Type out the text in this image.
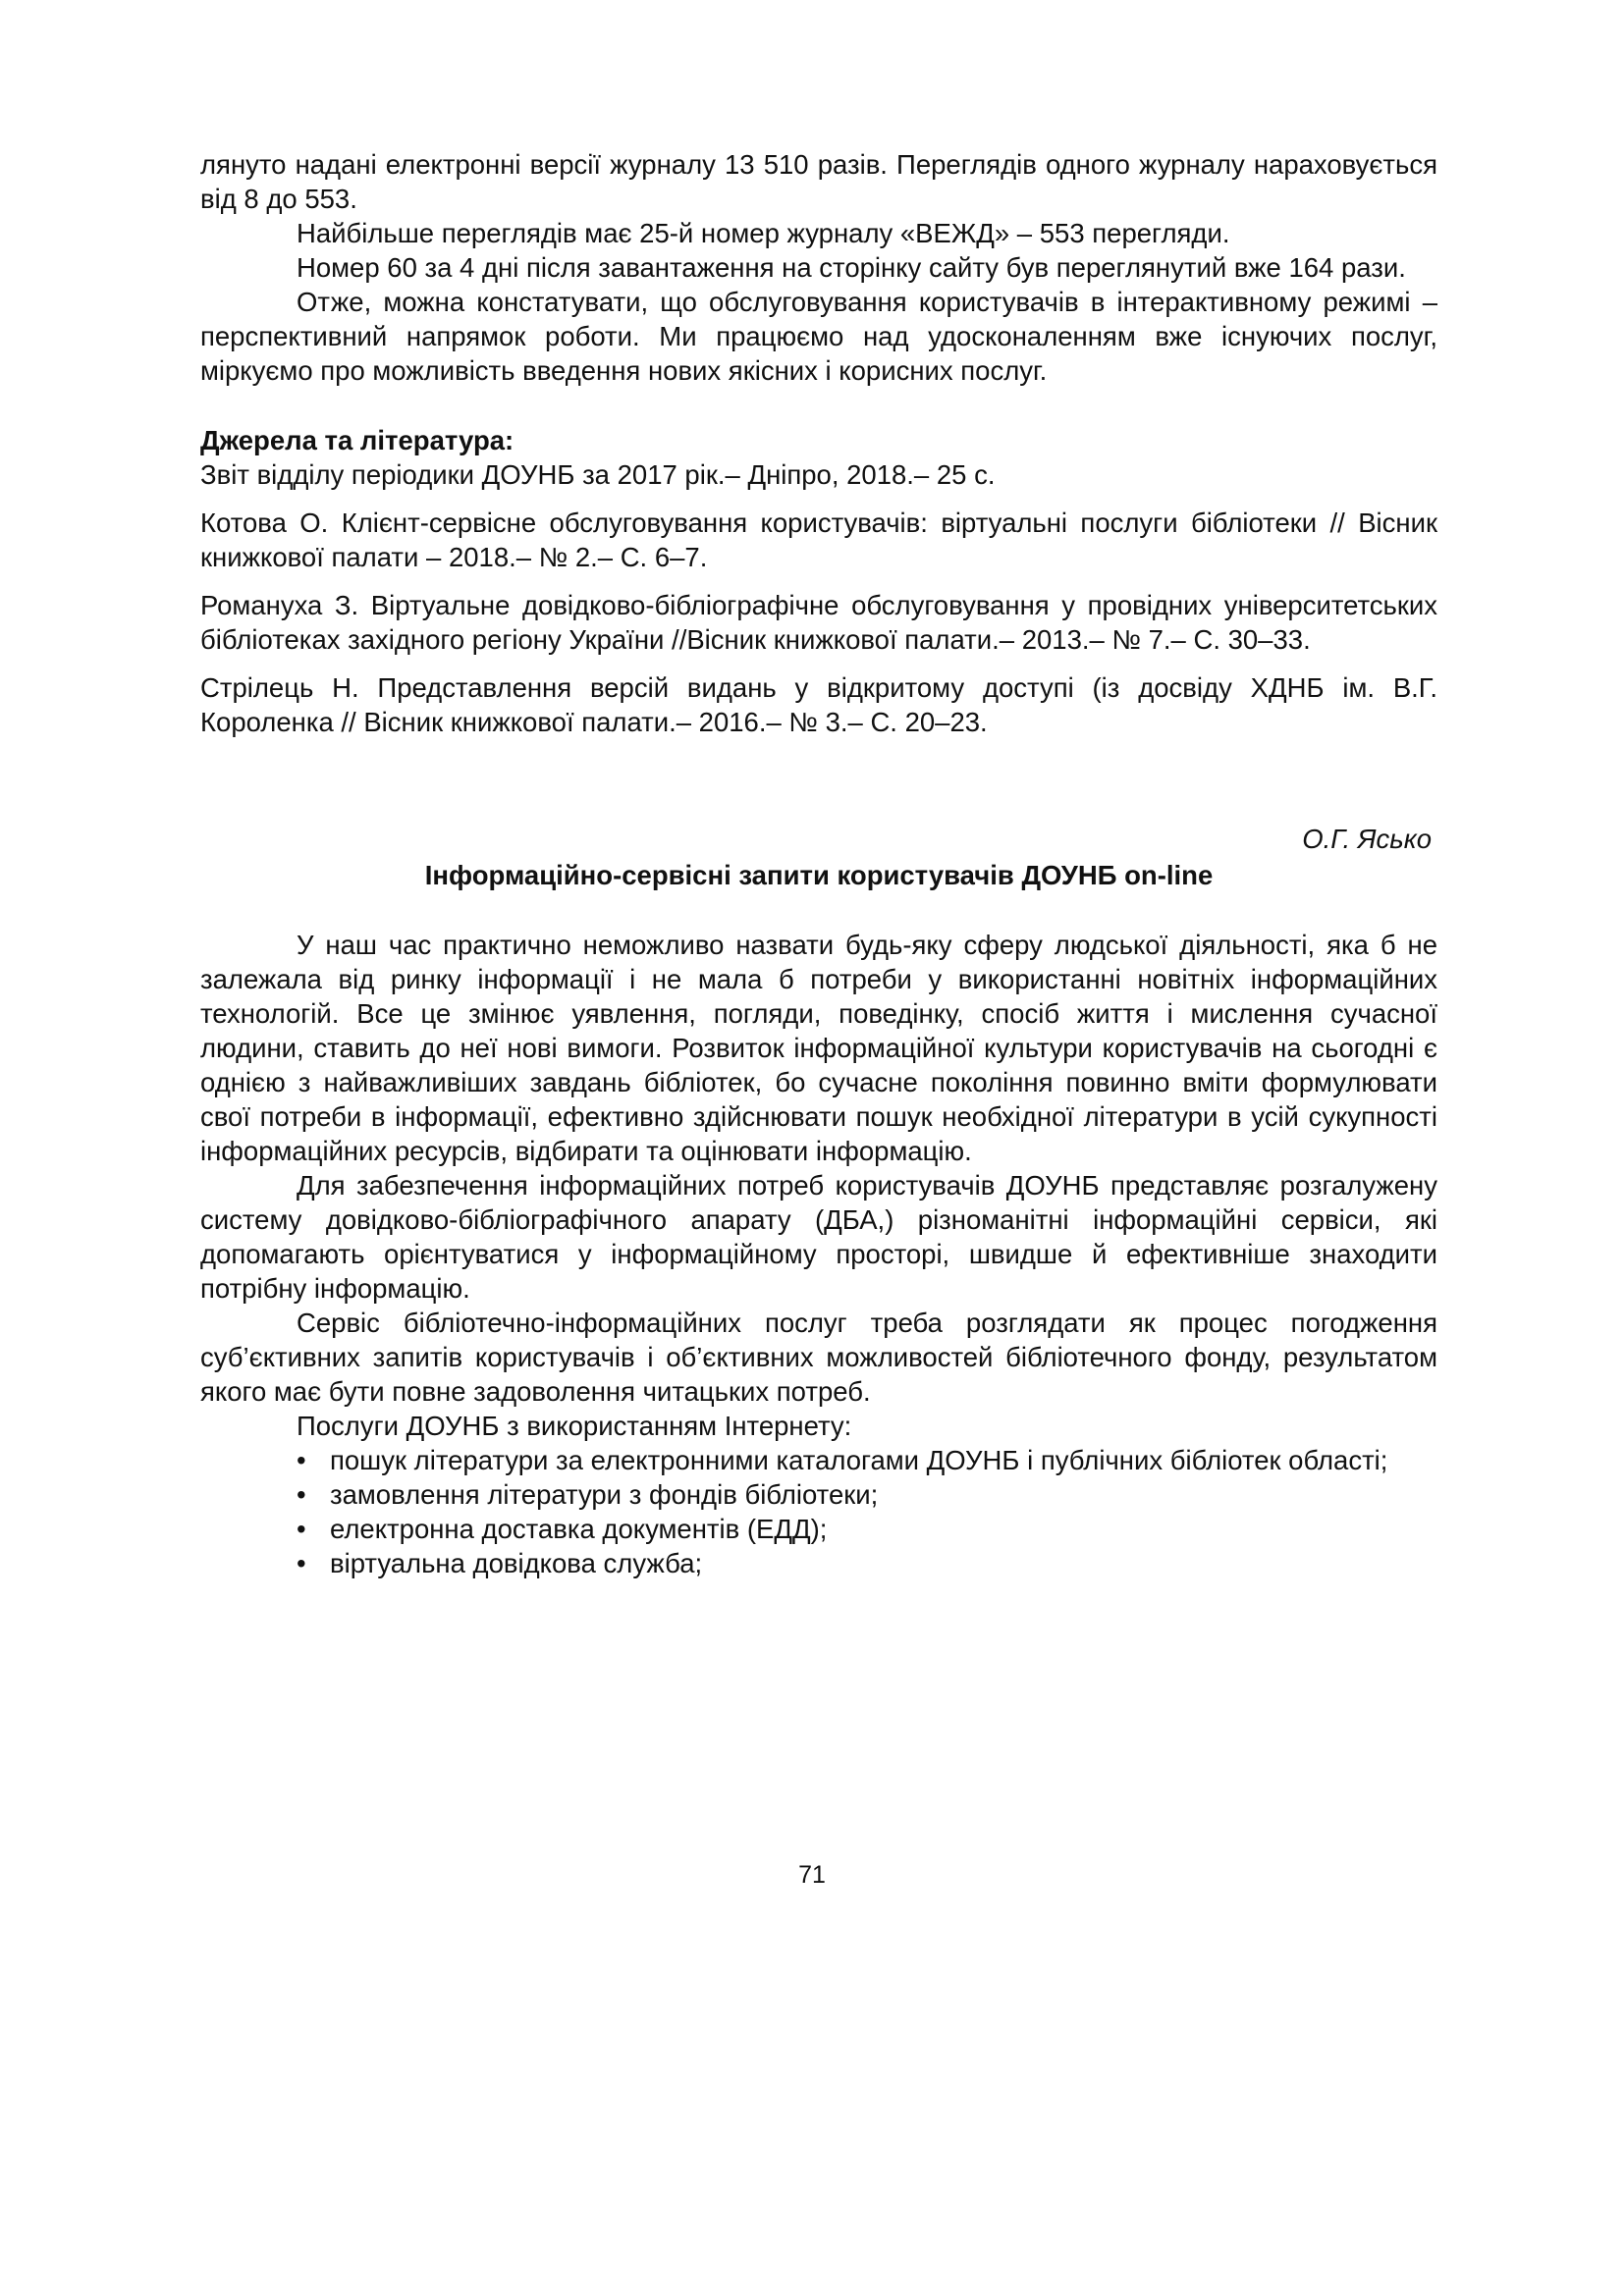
лянуто надані електронні версії журналу 13 510 разів. Переглядів одного журналу нараховується від 8 до 553.

Найбільше переглядів має 25-й номер журналу «ВЕЖД» – 553 перегляди.

Номер 60 за 4 дні після завантаження на сторінку сайту був переглянутий вже 164 рази.

Отже, можна констатувати, що обслуговування користувачів в інтерактивному режимі – перспективний напрямок роботи. Ми працюємо над удосконаленням вже існуючих послуг, міркуємо про можливість введення нових якісних і корисних послуг.

Джерела та література:

Звіт відділу періодики ДОУНБ за 2017 рік.– Дніпро, 2018.– 25 с.

Котова О. Клієнт-сервісне обслуговування користувачів: віртуальні послуги бібліотеки // Вісник книжкової палати – 2018.– № 2.– С. 6–7.

Романуха З. Віртуальне довідково-бібліографічне обслуговування у провідних університетських бібліотеках західного регіону України //Вісник книжкової палати.– 2013.– № 7.– С. 30–33.

Стрілець Н. Представлення версій видань у відкритому доступі (із досвіду ХДНБ ім. В.Г. Короленка // Вісник книжкової палати.– 2016.– № 3.– С. 20–23.

О.Г. Ясько

Інформаційно-сервісні запити користувачів ДОУНБ on-line

У наш час практично неможливо назвати будь-яку сферу людської діяльності, яка б не залежала від ринку інформації і не мала б потреби у використанні новітніх інформаційних технологій. Все це змінює уявлення, погляди, поведінку, спосіб життя і мислення сучасної людини, ставить до неї нові вимоги. Розвиток інформаційної культури користувачів на сьогодні є однією з найважливіших завдань бібліотек, бо сучасне покоління повинно вміти формулювати свої потреби в інформації, ефективно здійснювати пошук необхідної літератури в усій сукупності інформаційних ресурсів, відбирати та оцінювати інформацію.

Для забезпечення інформаційних потреб користувачів ДОУНБ представляє розгалужену систему довідково-бібліографічного апарату (ДБА,) різноманітні інформаційні сервіси, які допомагають орієнтуватися у інформаційному просторі, швидше й ефективніше знаходити потрібну інформацію.

Сервіс бібліотечно-інформаційних послуг треба розглядати як процес погодження суб’єктивних запитів користувачів і об’єктивних можливостей бібліотечного фонду, результатом якого має бути повне задоволення читацьких потреб.

Послуги ДОУНБ з використанням Інтернету:

• пошук літератури за електронними каталогами ДОУНБ і публічних бібліотек області;
• замовлення літератури з фондів бібліотеки;
• електронна доставка документів (ЕДД);
• віртуальна довідкова служба;
71
